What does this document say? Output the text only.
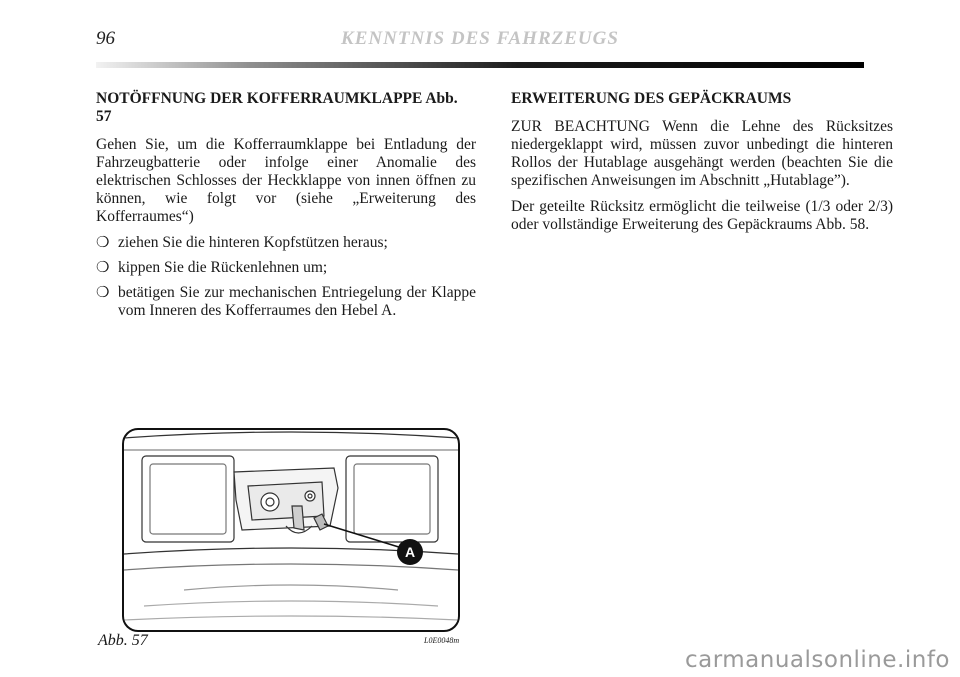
96	KENNTNIS DES FAHRZEUGS
NOTÖFFNUNG DER KOFFERRAUMKLAPPE Abb. 57

Gehen Sie, um die Kofferraumklappe bei Entladung der Fahrzeugbatterie oder infolge einer Anomalie des elektrischen Schlosses der Heckklappe von innen öffnen zu können, wie folgt vor (siehe „Erweiterung des Kofferraumes“)

❍ ziehen Sie die hinteren Kopfstützen heraus;
❍ kippen Sie die Rückenlehnen um;
❍ betätigen Sie zur mechanischen Entriegelung der Klappe vom Inneren des Kofferraumes den Hebel A.
ERWEITERUNG DES GEPÄCKRAUMS

ZUR BEACHTUNG Wenn die Lehne des Rücksitzes niedergeklappt wird, müssen zuvor unbedingt die hinteren Rollos der Hutablage ausgehängt werden (beachten Sie die spezifischen Anweisungen im Abschnitt „Hutablage”).

Der geteilte Rücksitz ermöglicht die teilweise (1/3 oder 2/3) oder vollständige Erweiterung des Gepäckraums Abb. 58.

A
Abb. 57	L0E0048m
carmanualsonline.info
